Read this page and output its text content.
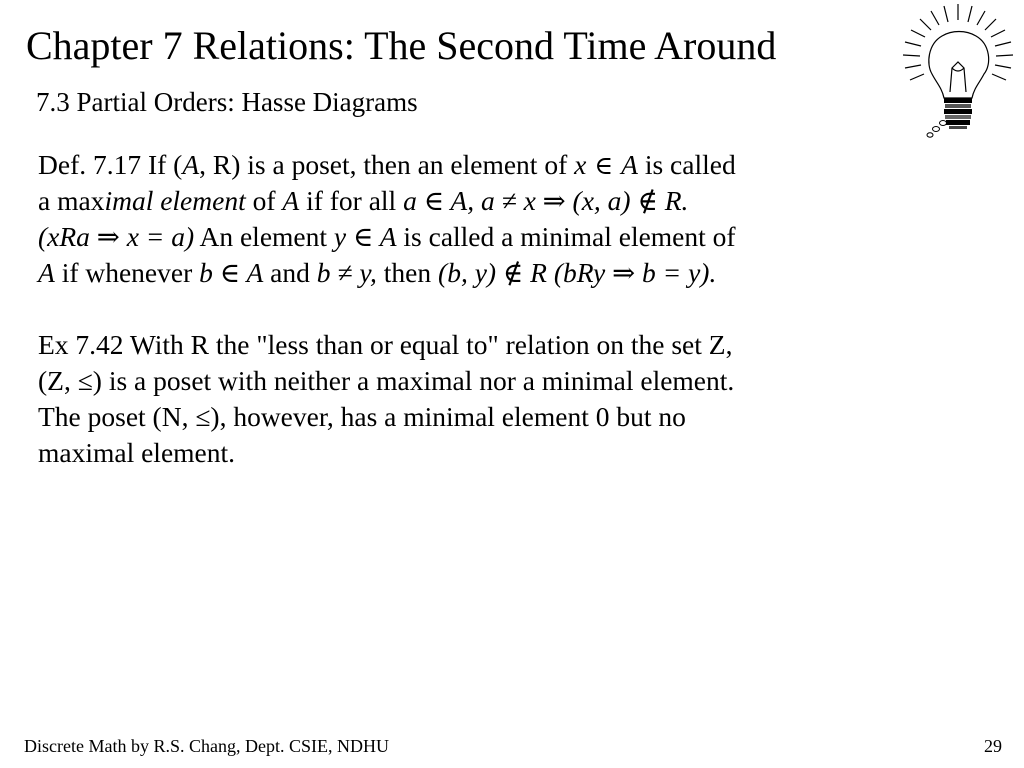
Chapter 7 Relations: The Second Time Around
7.3 Partial Orders: Hasse Diagrams
Def. 7.17 If (A, R) is a poset, then an element of x ∈ A is called
a maximal element of A if for all a ∈ A, a ≠ x ⇒ (x, a) ∉ R.
(xRa ⇒ x = a) An element y ∈ A is called a minimal element of
A if whenever b ∈ A and b ≠ y, then (b, y) ∉ R (bRy ⇒ b = y).
Ex 7.42 With R the "less than or equal to" relation on the set Z,
(Z, ≤) is a poset with neither a maximal nor a minimal element.
The poset (N, ≤), however, has a minimal element 0 but no
maximal element.
Discrete Math by R.S. Chang, Dept. CSIE, NDHU	29
